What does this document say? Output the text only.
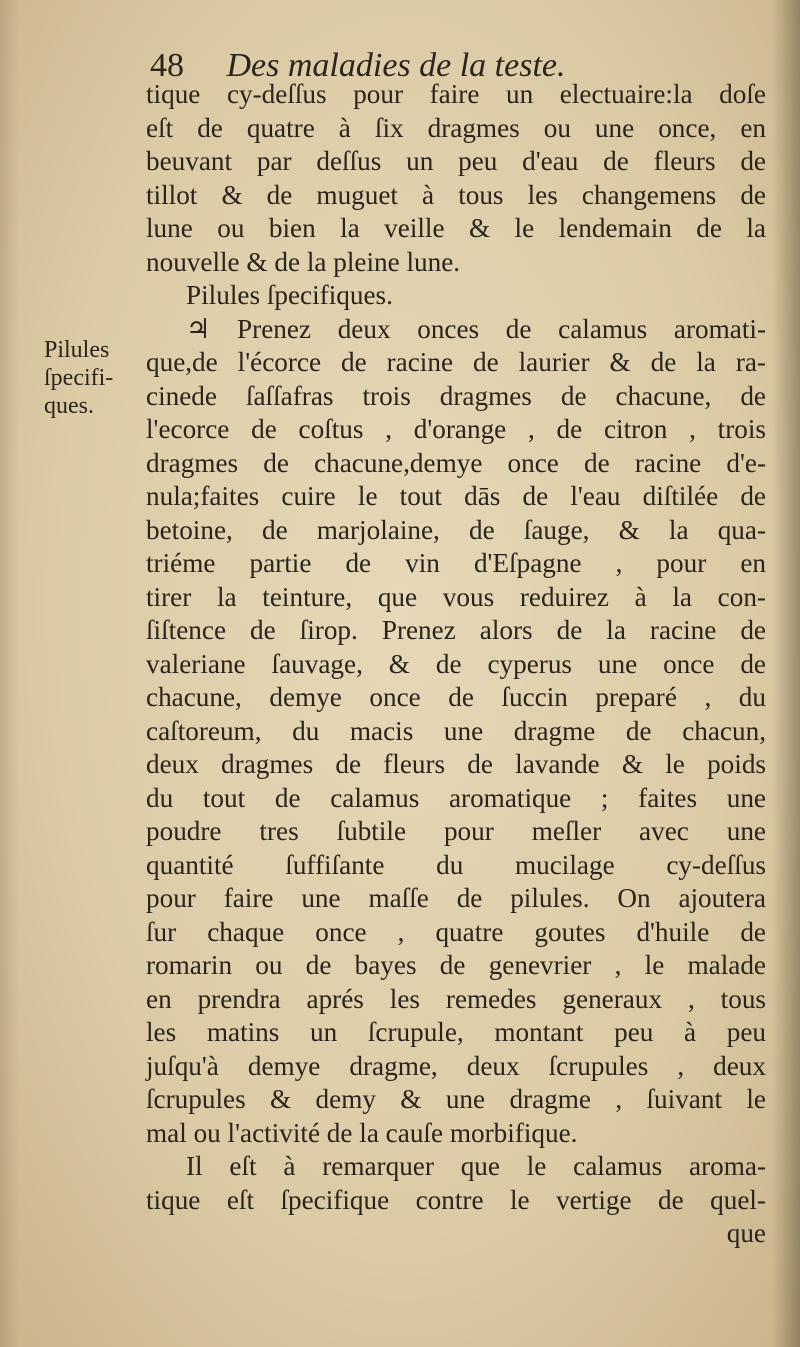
48 Des maladies de la teste.
Pilules
ſpecifi-
ques.
tique cy-deſſus pour faire un electuaire:la doſe
eſt de quatre à ſix dragmes ou une once, en
beuvant par deſſus un peu d'eau de fleurs de
tillot & de muguet à tous les changemens de
lune ou bien la veille & le lendemain de la
nouvelle & de la pleine lune.
Pilules ſpecifiques.
♃ Prenez deux onces de calamus aromati-
que,de l'écorce de racine de laurier & de la ra-
cinede ſaſſafras trois dragmes de chacune, de
l'ecorce de coſtus , d'orange , de citron , trois
dragmes de chacune,demye once de racine d'e-
nula;faites cuire le tout dās de l'eau diſtilée de
betoine, de marjolaine, de ſauge, & la qua-
triéme partie de vin d'Eſpagne , pour en
tirer la teinture, que vous reduirez à la con-
ſiſtence de ſirop. Prenez alors de la racine de
valeriane ſauvage, & de cyperus une once de
chacune, demye once de ſuccin preparé , du
caſtoreum, du macis une dragme de chacun,
deux dragmes de fleurs de lavande & le poids
du tout de calamus aromatique ; faites une
poudre tres ſubtile pour meſler avec une
quantité ſuffiſante du mucilage cy-deſſus
pour faire une maſſe de pilules. On ajoutera
ſur chaque once , quatre goutes d'huile de
romarin ou de bayes de genevrier , le malade
en prendra aprés les remedes generaux , tous
les matins un ſcrupule, montant peu à peu
juſqu'à demye dragme, deux ſcrupules , deux
ſcrupules & demy & une dragme , ſuivant le
mal ou l'activité de la cauſe morbifique.
Il eſt à remarquer que le calamus aroma-
tique eſt ſpecifique contre le vertige de quel-
que
